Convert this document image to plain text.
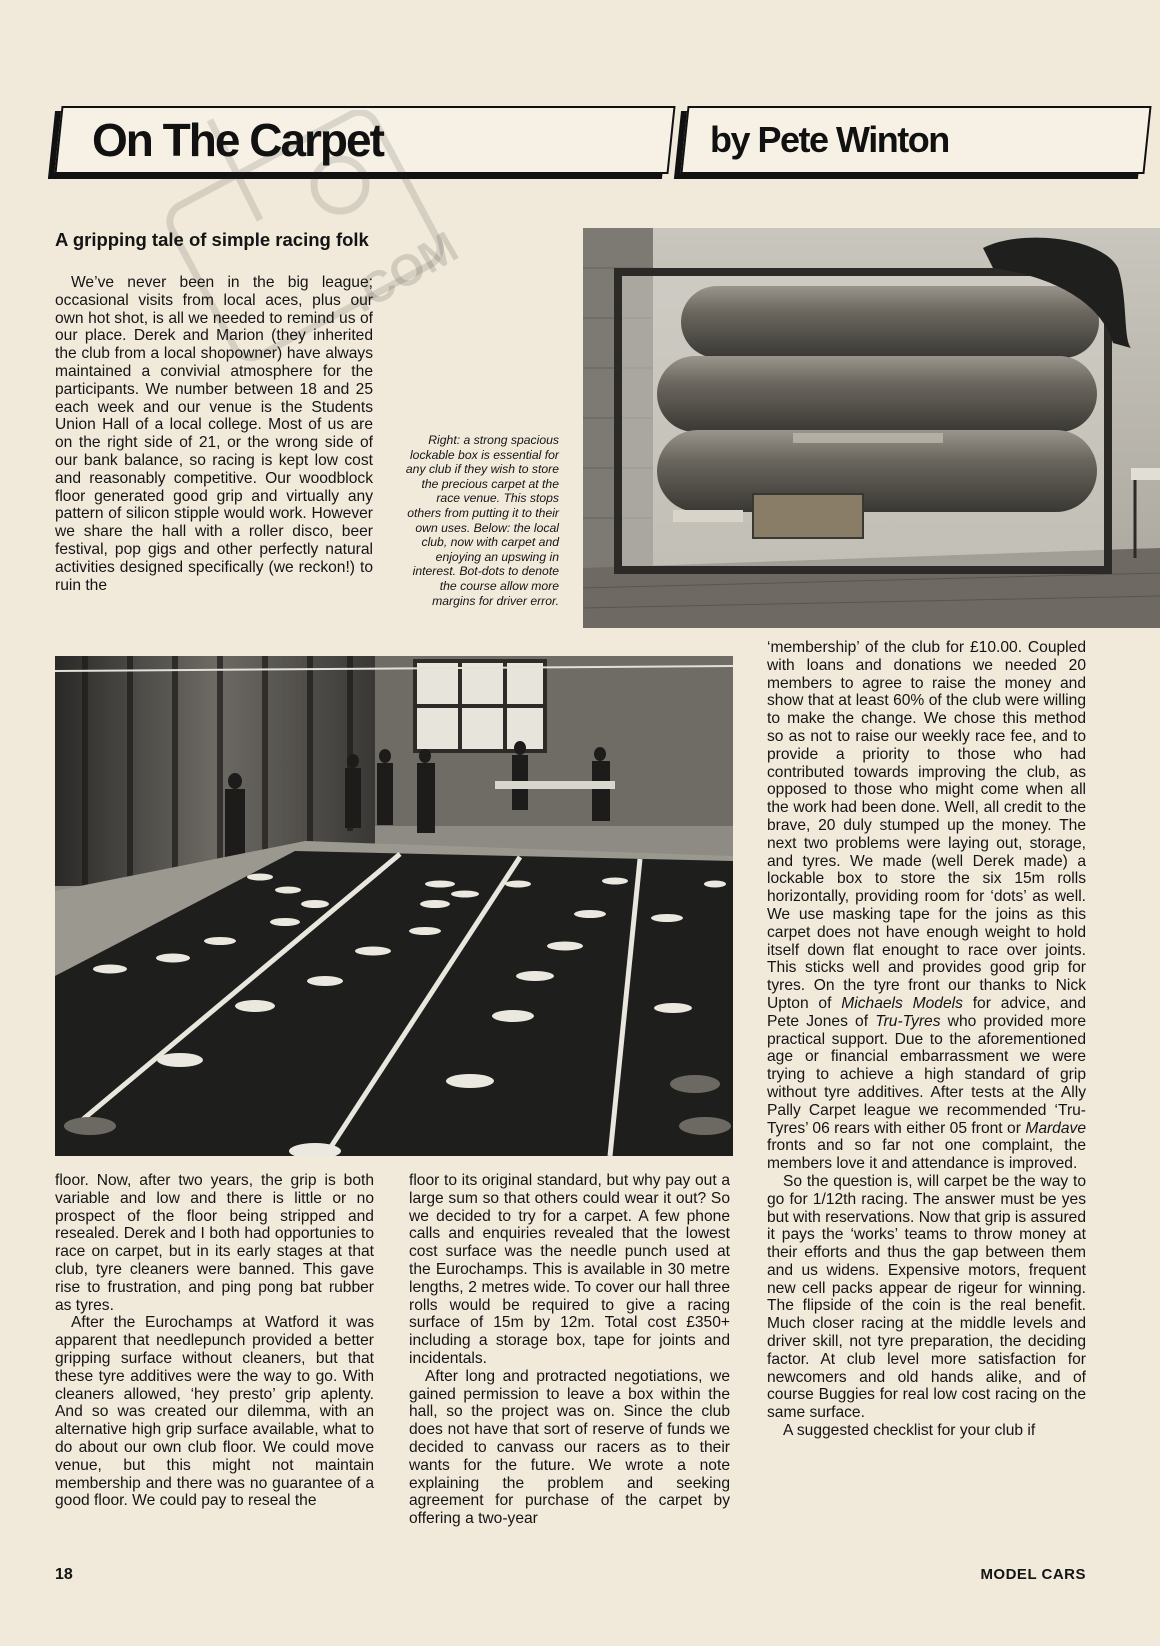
On The Carpet	by Pete Winton
.COM
A gripping tale of simple racing folk

We’ve never been in the big league; occasional visits from local aces, plus our own hot shot, is all we needed to remind us of our place. Derek and Marion (they inherited the club from a local shopowner) have always maintained a convivial atmosphere for the participants. We number between 18 and 25 each week and our venue is the Students Union Hall of a local college. Most of us are on the right side of 21, or the wrong side of our bank balance, so racing is kept low cost and reasonably competitive. Our woodblock floor generated good grip and virtually any pattern of silicon stipple would work. However we share the hall with a roller disco, beer festival, pop gigs and other perfectly natural activities designed specifically (we reckon!) to ruin the

Right: a strong spacious lockable box is essential for any club if they wish to store the precious carpet at the race venue. This stops others from putting it to their own uses. Below: the local club, now with carpet and enjoying an upswing in interest. Bot-dots to denote the course allow more margins for driver error.

floor. Now, after two years, the grip is both variable and low and there is little or no prospect of the floor being stripped and resealed. Derek and I both had opportunies to race on carpet, but in its early stages at that club, tyre cleaners were banned. This gave rise to frustration, and ping pong bat rubber as tyres.

After the Eurochamps at Watford it was apparent that needlepunch provided a better gripping surface without cleaners, but that these tyre additives were the way to go. With cleaners allowed, ‘hey presto’ grip aplenty. And so was created our dilemma, with an alternative high grip surface available, what to do about our own club floor. We could move venue, but this might not maintain membership and there was no guarantee of a good floor. We could pay to reseal the

floor to its original standard, but why pay out a large sum so that others could wear it out? So we decided to try for a carpet. A few phone calls and enquiries revealed that the lowest cost surface was the needle punch used at the Eurochamps. This is available in 30 metre lengths, 2 metres wide. To cover our hall three rolls would be required to give a racing surface of 15m by 12m. Total cost £350+ including a storage box, tape for joints and incidentals.

After long and protracted negotiations, we gained permission to leave a box within the hall, so the project was on. Since the club does not have that sort of reserve of funds we decided to canvass our racers as to their wants for the future. We wrote a note explaining the problem and seeking agreement for purchase of the carpet by offering a two-year

‘membership’ of the club for £10.00. Coupled with loans and donations we needed 20 members to agree to raise the money and show that at least 60% of the club were willing to make the change. We chose this method so as not to raise our weekly race fee, and to provide a priority to those who had contributed towards improving the club, as opposed to those who might come when all the work had been done. Well, all credit to the brave, 20 duly stumped up the money. The next two problems were laying out, storage, and tyres. We made (well Derek made) a lockable box to store the six 15m rolls horizontally, providing room for ‘dots’ as well. We use masking tape for the joins as this carpet does not have enough weight to hold itself down flat enought to race over joints. This sticks well and provides good grip for tyres. On the tyre front our thanks to Nick Upton of Michaels Models for advice, and Pete Jones of Tru-Tyres who provided more practical support. Due to the aforementioned age or financial embarrassment we were trying to achieve a high standard of grip without tyre additives. After tests at the Ally Pally Carpet league we recommended ‘Tru-Tyres’ 06 rears with either 05 front or Mardave fronts and so far not one complaint, the members love it and attendance is improved.

So the question is, will carpet be the way to go for 1/12th racing. The answer must be yes but with reservations. Now that grip is assured it pays the ‘works’ teams to throw money at their efforts and thus the gap between them and us widens. Expensive motors, frequent new cell packs appear de rigeur for winning. The flipside of the coin is the real benefit. Much closer racing at the middle levels and driver skill, not tyre preparation, the deciding factor. At club level more satisfaction for newcomers and old hands alike, and of course Buggies for real low cost racing on the same surface.

A suggested checklist for your club if

18	MODEL CARS
